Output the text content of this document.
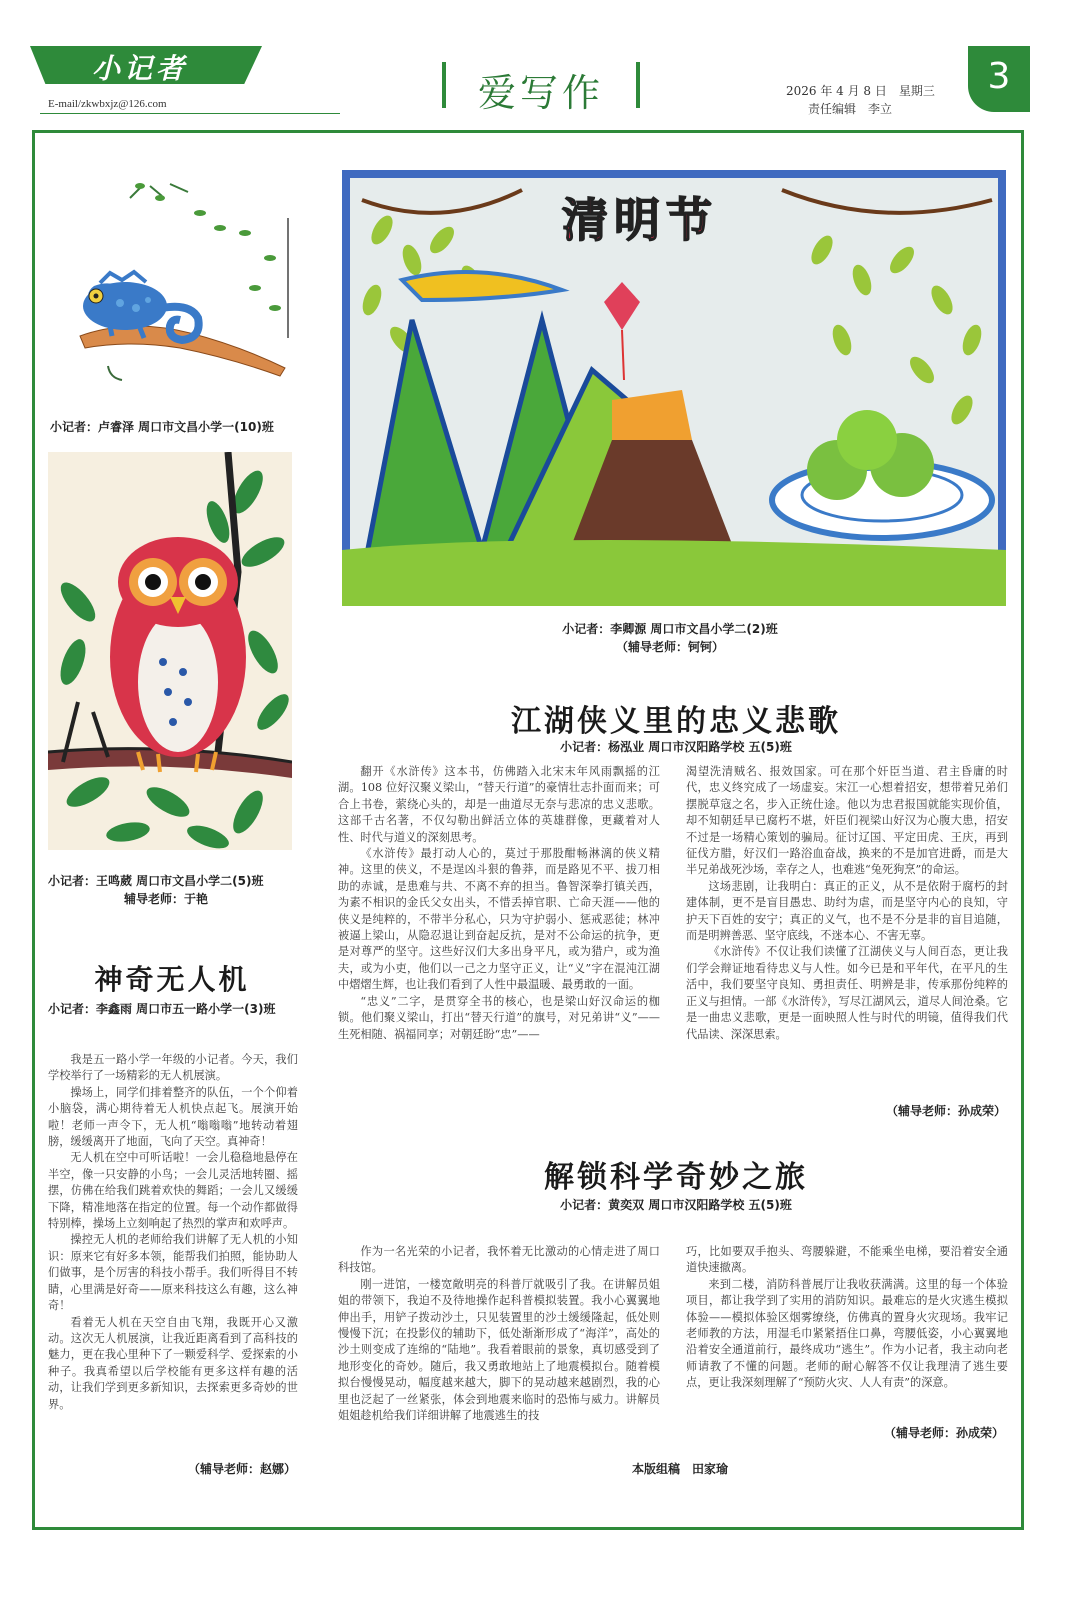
小记者
E-mail/zkwbxjz@126.com	爱写作	2026 年 4 月 8 日　星期三
责任编辑　李立
3
小记者：卢睿泽 周口市文昌小学一(10)班
小记者：王鸣葳 周口市文昌小学二(5)班
辅导老师：于艳
清明节
小记者：李卿源 周口市文昌小学二(2)班
（辅导老师：钶钶）
江湖侠义里的忠义悲歌
小记者：杨泓业 周口市汉阳路学校 五(5)班

翻开《水浒传》这本书，仿佛踏入北宋末年风雨飘摇的江湖。108 位好汉聚义梁山，“替天行道”的豪情壮志扑面而来；可合上书卷，萦绕心头的，却是一曲道尽无奈与悲凉的忠义悲歌。这部千古名著，不仅勾勒出鲜活立体的英雄群像，更藏着对人性、时代与道义的深刻思考。

《水浒传》最打动人心的，莫过于那股酣畅淋漓的侠义精神。这里的侠义，不是逞凶斗狠的鲁莽，而是路见不平、拔刀相助的赤诚，是患难与共、不离不弃的担当。鲁智深拳打镇关西，为素不相识的金氏父女出头，不惜丢掉官职、亡命天涯——他的侠义是纯粹的，不带半分私心，只为守护弱小、惩戒恶徒；林冲被逼上梁山，从隐忍退让到奋起反抗，是对不公命运的抗争，更是对尊严的坚守。这些好汉们大多出身平凡，或为猎户，或为渔夫，或为小吏，他们以一己之力坚守正义，让“义”字在混沌江湖中熠熠生辉，也让我们看到了人性中最温暖、最勇敢的一面。

“忠义”二字，是贯穿全书的核心，也是梁山好汉命运的枷锁。他们聚义梁山，打出“替天行道”的旗号，对兄弟讲“义”——生死相随、祸福同享；对朝廷盼“忠”——

渴望洗清贼名、报效国家。可在那个奸臣当道、君主昏庸的时代，忠义终究成了一场虚妄。宋江一心想着招安，想带着兄弟们摆脱草寇之名，步入正统仕途。他以为忠君报国就能实现价值，却不知朝廷早已腐朽不堪，奸臣们视梁山好汉为心腹大患，招安不过是一场精心策划的骗局。征讨辽国、平定田虎、王庆，再到征伐方腊，好汉们一路浴血奋战，换来的不是加官进爵，而是大半兄弟战死沙场，幸存之人，也难逃“兔死狗烹”的命运。

这场悲剧，让我明白：真正的正义，从不是依附于腐朽的封建体制，更不是盲目愚忠、助纣为虐，而是坚守内心的良知，守护天下百姓的安宁；真正的义气，也不是不分是非的盲目追随，而是明辨善恶、坚守底线，不迷本心、不害无辜。

《水浒传》不仅让我们读懂了江湖侠义与人间百态，更让我们学会辩证地看待忠义与人性。如今已是和平年代，在平凡的生活中，我们要坚守良知、勇担责任、明辨是非，传承那份纯粹的正义与担情。一部《水浒传》，写尽江湖风云，道尽人间沧桑。它是一曲忠义悲歌，更是一面映照人性与时代的明镜，值得我们代代品读、深深思索。

（辅导老师：孙成荣）
解锁科学奇妙之旅
小记者：黄奕双 周口市汉阳路学校 五(5)班

作为一名光荣的小记者，我怀着无比激动的心情走进了周口科技馆。

刚一进馆，一楼宽敞明亮的科普厅就吸引了我。在讲解员姐姐的带领下，我迫不及待地操作起科普模拟装置。我小心翼翼地伸出手，用铲子拨动沙土，只见装置里的沙土缓缓隆起，低处则慢慢下沉；在投影仪的辅助下，低处渐渐形成了“海洋”，高处的沙土则变成了连绵的“陆地”。我看着眼前的景象，真切感受到了地形变化的奇妙。随后，我又勇敢地站上了地震模拟台。随着模拟台慢慢晃动，幅度越来越大，脚下的晃动越来越剧烈，我的心里也泛起了一丝紧张，体会到地震来临时的恐怖与威力。讲解员姐姐趁机给我们详细讲解了地震逃生的技

巧，比如要双手抱头、弯腰躲避，不能乘坐电梯，要沿着安全通道快速撤离。

来到二楼，消防科普展厅让我收获满满。这里的每一个体验项目，都让我学到了实用的消防知识。最难忘的是火灾逃生模拟体验——模拟体验区烟雾缭绕，仿佛真的置身火灾现场。我牢记老师教的方法，用湿毛巾紧紧捂住口鼻，弯腰低姿，小心翼翼地沿着安全通道前行，最终成功“逃生”。作为小记者，我主动向老师请教了不懂的问题。老师的耐心解答不仅让我理清了逃生要点，更让我深刻理解了“预防火灾、人人有责”的深意。

（辅导老师：孙成荣）
神奇无人机
小记者：李鑫雨 周口市五一路小学一(3)班

我是五一路小学一年级的小记者。今天，我们学校举行了一场精彩的无人机展演。

操场上，同学们排着整齐的队伍，一个个仰着小脑袋，满心期待着无人机快点起飞。展演开始啦！老师一声令下，无人机“嗡嗡嗡”地转动着翅膀，缓缓离开了地面，飞向了天空。真神奇！

无人机在空中可听话啦！一会儿稳稳地悬停在半空，像一只安静的小鸟；一会儿灵活地转圈、摇摆，仿佛在给我们跳着欢快的舞蹈；一会儿又缓缓下降，精准地落在指定的位置。每一个动作都做得特别棒，操场上立刻响起了热烈的掌声和欢呼声。

操控无人机的老师给我们讲解了无人机的小知识：原来它有好多本领，能帮我们拍照，能协助人们做事，是个厉害的科技小帮手。我们听得目不转睛，心里满是好奇——原来科技这么有趣，这么神奇！

看着无人机在天空自由飞翔，我既开心又激动。这次无人机展演，让我近距离看到了高科技的魅力，更在我心里种下了一颗爱科学、爱探索的小种子。我真希望以后学校能有更多这样有趣的活动，让我们学到更多新知识，去探索更多奇妙的世界。

（辅导老师：赵娜）	本版组稿　田家瑜
